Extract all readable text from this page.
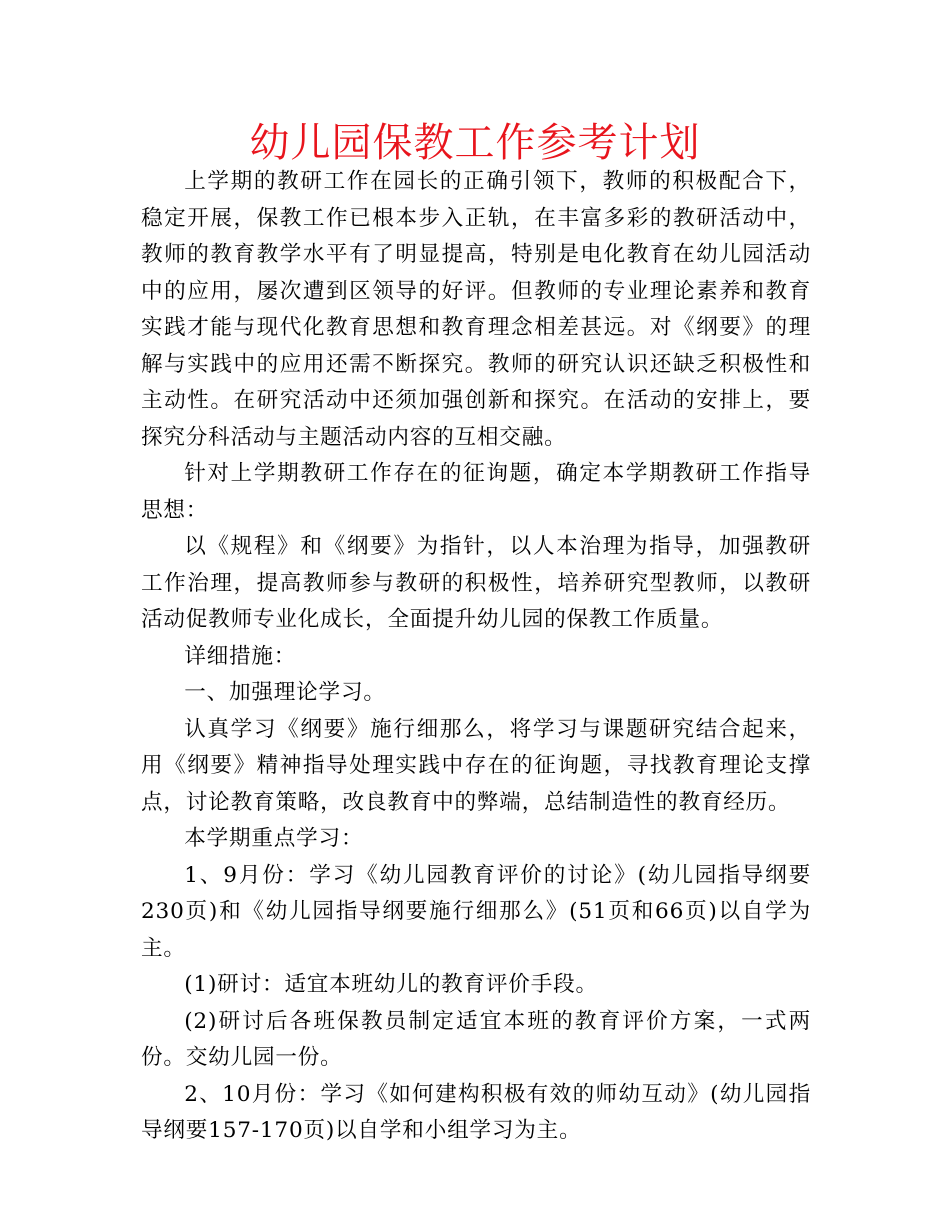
幼儿园保教工作参考计划

上学期的教研工作在园长的正确引领下，教师的积极配合下，稳定开展，保教工作已根本步入正轨，在丰富多彩的教研活动中，教师的教育教学水平有了明显提高，特别是电化教育在幼儿园活动中的应用，屡次遭到区领导的好评。但教师的专业理论素养和教育实践才能与现代化教育思想和教育理念相差甚远。对《纲要》的理解与实践中的应用还需不断探究。教师的研究认识还缺乏积极性和主动性。在研究活动中还须加强创新和探究。在活动的安排上，要探究分科活动与主题活动内容的互相交融。

针对上学期教研工作存在的征询题，确定本学期教研工作指导思想：

以《规程》和《纲要》为指针，以人本治理为指导，加强教研工作治理，提高教师参与教研的积极性，培养研究型教师，以教研活动促教师专业化成长，全面提升幼儿园的保教工作质量。

详细措施：

一、加强理论学习。

认真学习《纲要》施行细那么，将学习与课题研究结合起来，用《纲要》精神指导处理实践中存在的征询题，寻找教育理论支撑点，讨论教育策略，改良教育中的弊端，总结制造性的教育经历。

本学期重点学习：

1、9月份：学习《幼儿园教育评价的讨论》(幼儿园指导纲要230页)和《幼儿园指导纲要施行细那么》(51页和66页)以自学为主。

(1)研讨：适宜本班幼儿的教育评价手段。

(2)研讨后各班保教员制定适宜本班的教育评价方案，一式两份。交幼儿园一份。

2、10月份：学习《如何建构积极有效的师幼互动》(幼儿园指导纲要157-170页)以自学和小组学习为主。
